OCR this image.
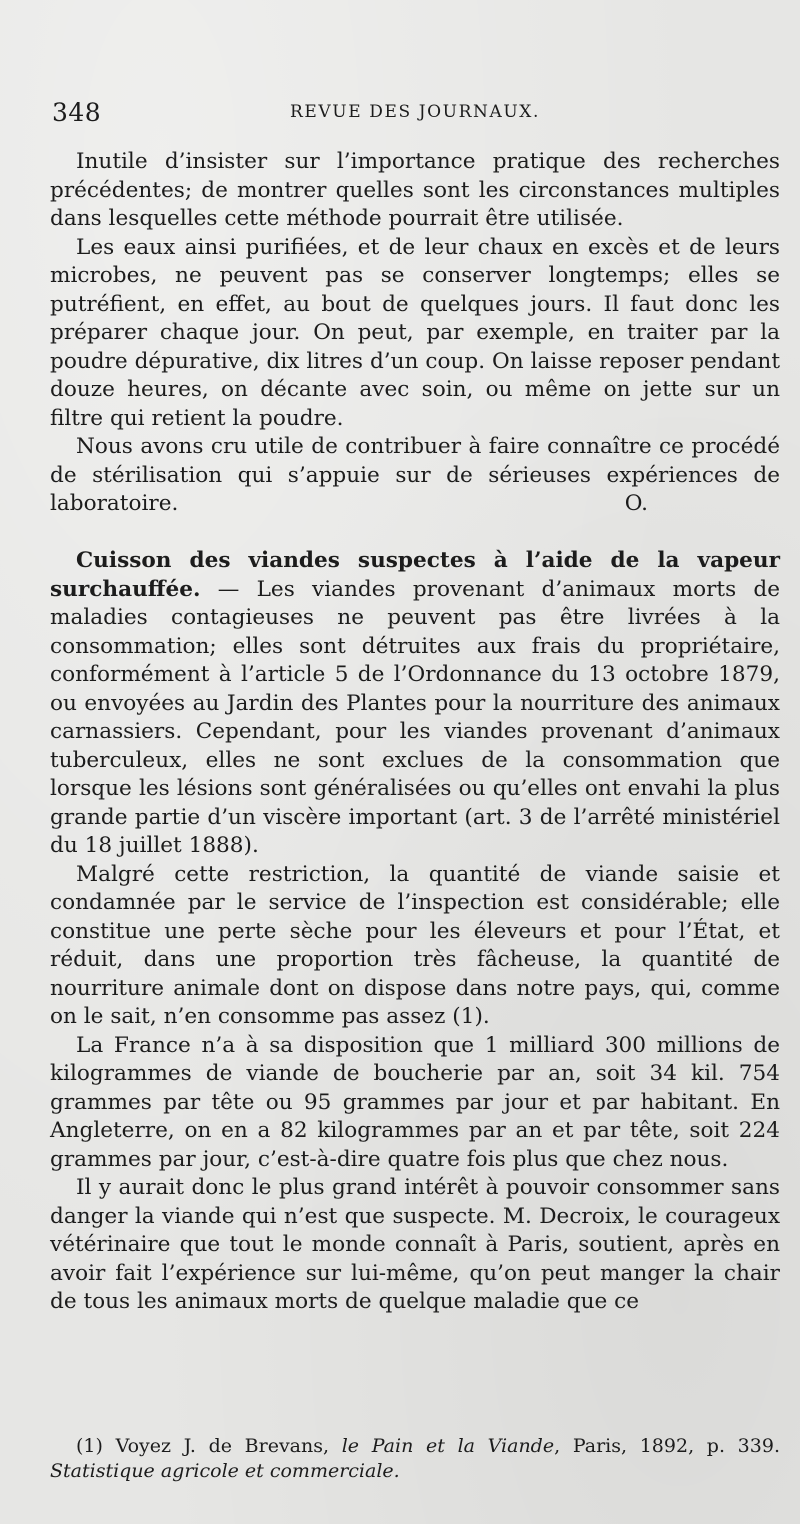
348	REVUE DES JOURNAUX.

Inutile d’insister sur l’importance pratique des recherches précédentes; de montrer quelles sont les circonstances multiples dans lesquelles cette méthode pourrait être utilisée.

Les eaux ainsi purifiées, et de leur chaux en excès et de leurs microbes, ne peuvent pas se conserver longtemps; elles se putréfient, en effet, au bout de quelques jours. Il faut donc les préparer chaque jour. On peut, par exemple, en traiter par la poudre dépurative, dix litres d’un coup. On laisse reposer pendant douze heures, on décante avec soin, ou même on jette sur un filtre qui retient la poudre.

Nous avons cru utile de contribuer à faire connaître ce procédé de stérilisation qui s’appuie sur de sérieuses expériences de laboratoire.	O.

Cuisson des viandes suspectes à l’aide de la vapeur surchauffée. — Les viandes provenant d’animaux morts de maladies contagieuses ne peuvent pas être livrées à la consommation; elles sont détruites aux frais du propriétaire, conformément à l’article 5 de l’Ordonnance du 13 octobre 1879, ou envoyées au Jardin des Plantes pour la nourriture des animaux carnassiers. Cependant, pour les viandes provenant d’animaux tuberculeux, elles ne sont exclues de la consommation que lorsque les lésions sont généralisées ou qu’elles ont envahi la plus grande partie d’un viscère important (art. 3 de l’arrêté ministériel du 18 juillet 1888).

Malgré cette restriction, la quantité de viande saisie et condamnée par le service de l’inspection est considérable; elle constitue une perte sèche pour les éleveurs et pour l’État, et réduit, dans une proportion très fâcheuse, la quantité de nourriture animale dont on dispose dans notre pays, qui, comme on le sait, n’en consomme pas assez (1).

La France n’a à sa disposition que 1 milliard 300 millions de kilogrammes de viande de boucherie par an, soit 34 kil. 754 grammes par tête ou 95 grammes par jour et par habitant. En Angleterre, on en a 82 kilogrammes par an et par tête, soit 224 grammes par jour, c’est-à-dire quatre fois plus que chez nous.

Il y aurait donc le plus grand intérêt à pouvoir consommer sans danger la viande qui n’est que suspecte. M. Decroix, le courageux vétérinaire que tout le monde connaît à Paris, soutient, après en avoir fait l’expérience sur lui-même, qu’on peut manger la chair de tous les animaux morts de quelque maladie que ce

(1) Voyez J. de Brevans, le Pain et la Viande, Paris, 1892, p. 339. Statistique agricole et commerciale.
